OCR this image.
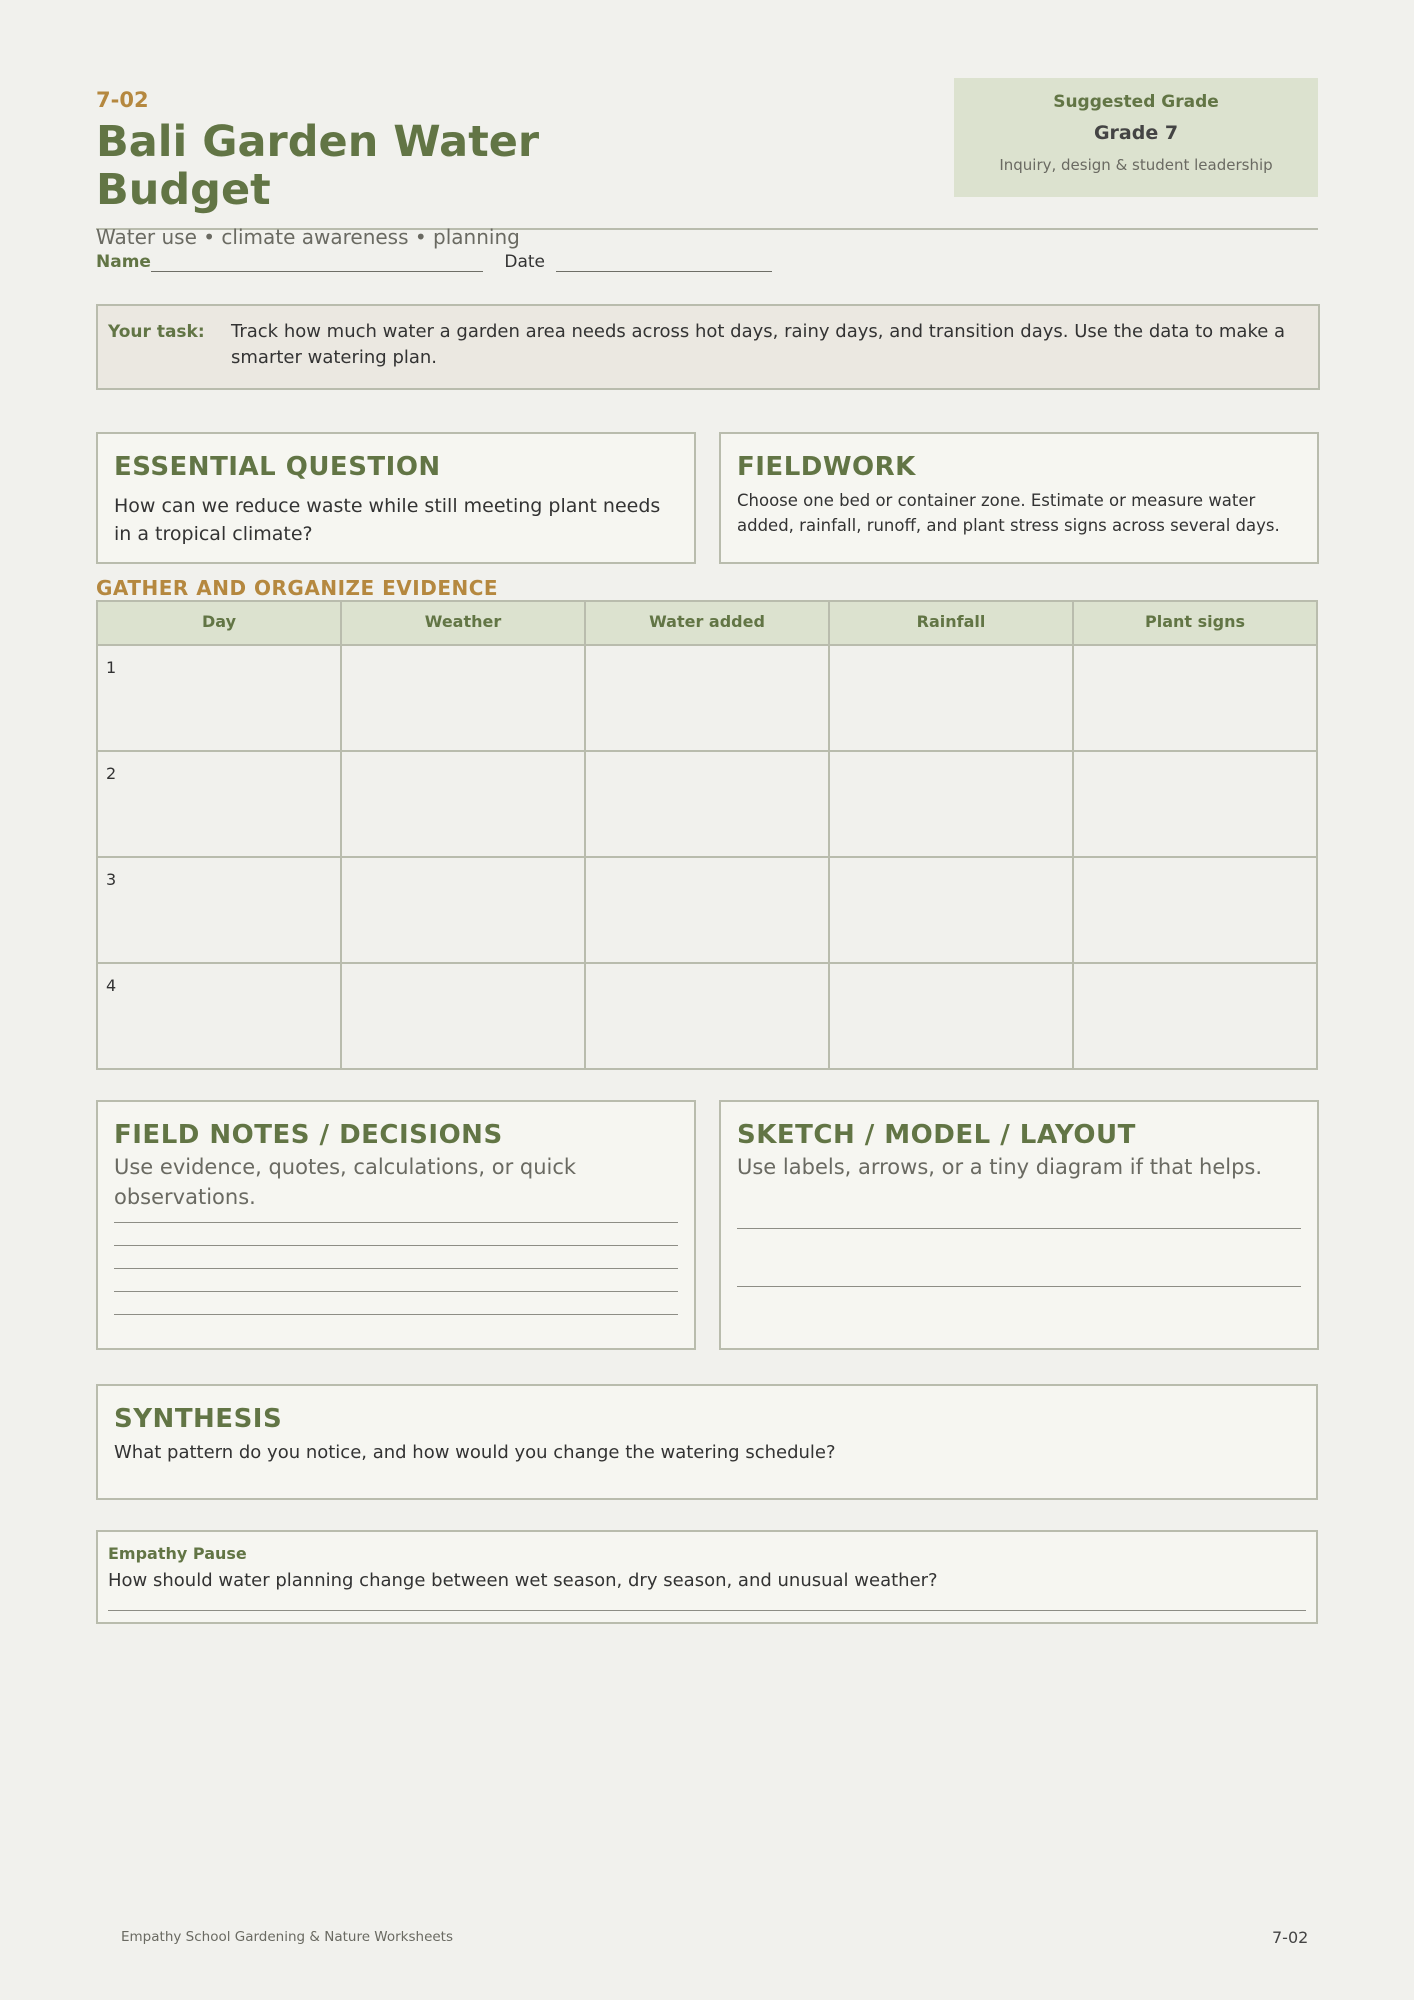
7-02
Bali Garden Water Budget
Water use • climate awareness • planning
Suggested Grade
Grade 7
Inquiry, design & student leadership
Name	Date
Your task: Track how much water a garden area needs across hot days, rainy days, and transition days. Use the data to make a smarter watering plan.
ESSENTIAL QUESTION
How can we reduce waste while still meeting plant needs in a tropical climate?
FIELDWORK
Choose one bed or container zone. Estimate or measure water added, rainfall, runoff, and plant stress signs across several days.
GATHER AND ORGANIZE EVIDENCE
Day	Weather	Water added	Rainfall	Plant signs
1				
2				
3				
4				
FIELD NOTES / DECISIONS
Use evidence, quotes, calculations, or quick observations.
SKETCH / MODEL / LAYOUT
Use labels, arrows, or a tiny diagram if that helps.
SYNTHESIS
What pattern do you notice, and how would you change the watering schedule?
Empathy Pause
How should water planning change between wet season, dry season, and unusual weather?
Empathy School Gardening & Nature Worksheets	7-02
